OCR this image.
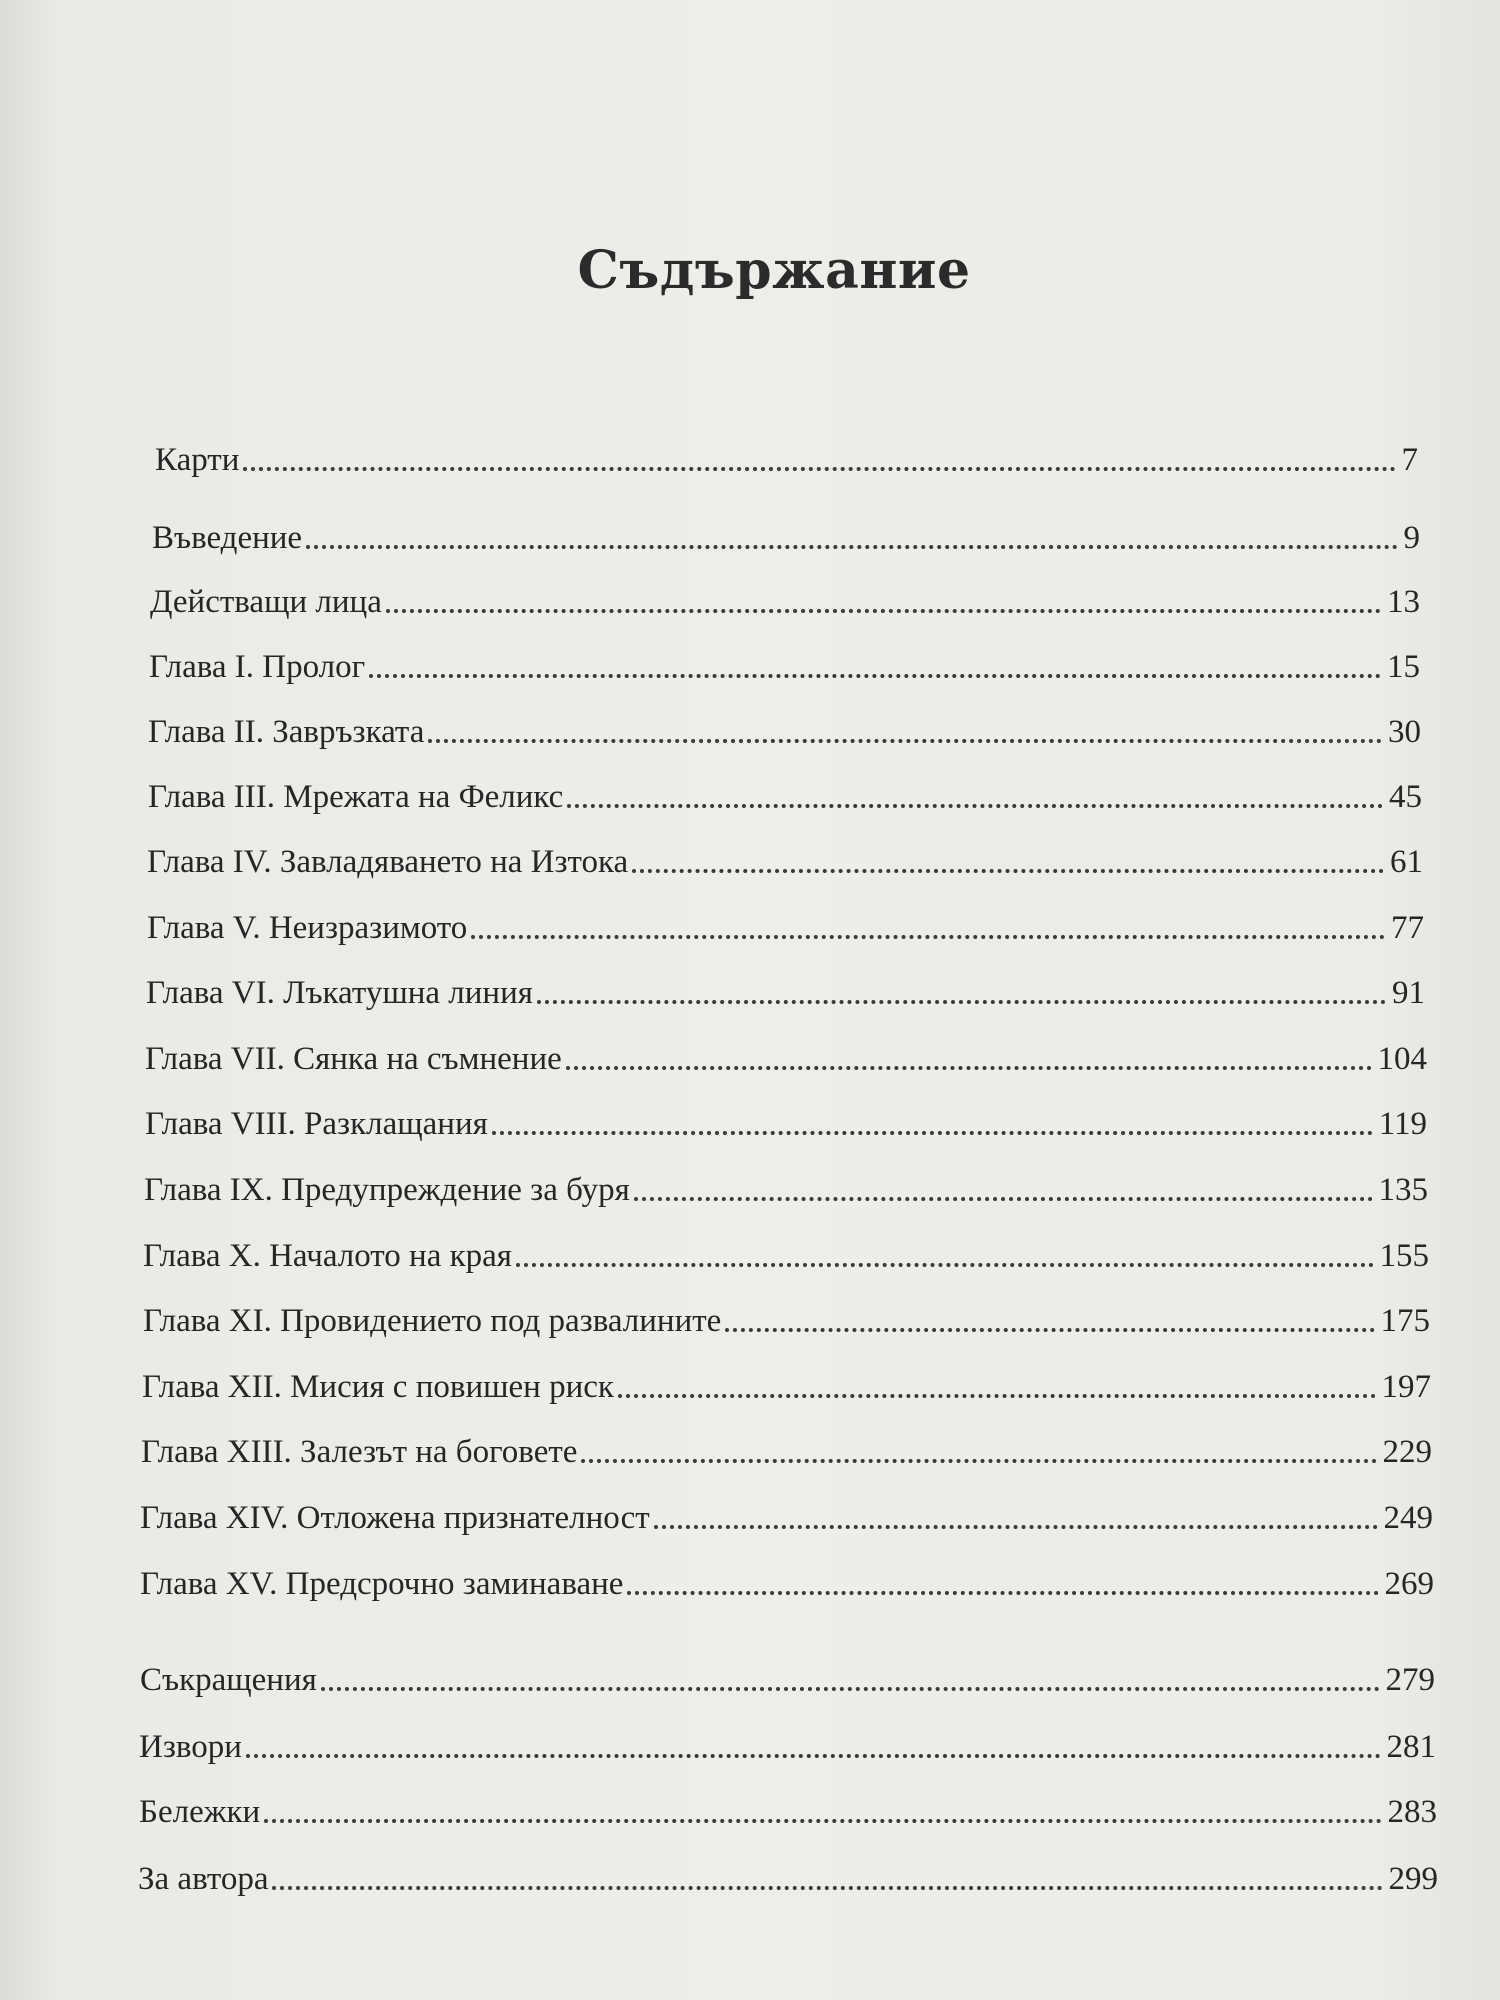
Съдържание
Карти	7
Въведение	9
Действащи лица	13
Глава I. Пролог	15
Глава II. Завръзката	30
Глава III. Мрежата на Феликс	45
Глава IV. Завладяването на Изтока	61
Глава V. Неизразимото	77
Глава VI. Лъкатушна линия	91
Глава VII. Сянка на съмнение	104
Глава VIII. Разклащания	119
Глава IX. Предупреждение за буря	135
Глава X. Началото на края	155
Глава XI. Провидението под развалините	175
Глава XII. Мисия с повишен риск	197
Глава XIII. Залезът на боговете	229
Глава XIV. Отложена признателност	249
Глава XV. Предсрочно заминаване	269
Съкращения	279
Извори	281
Бележки	283
За автора	299
